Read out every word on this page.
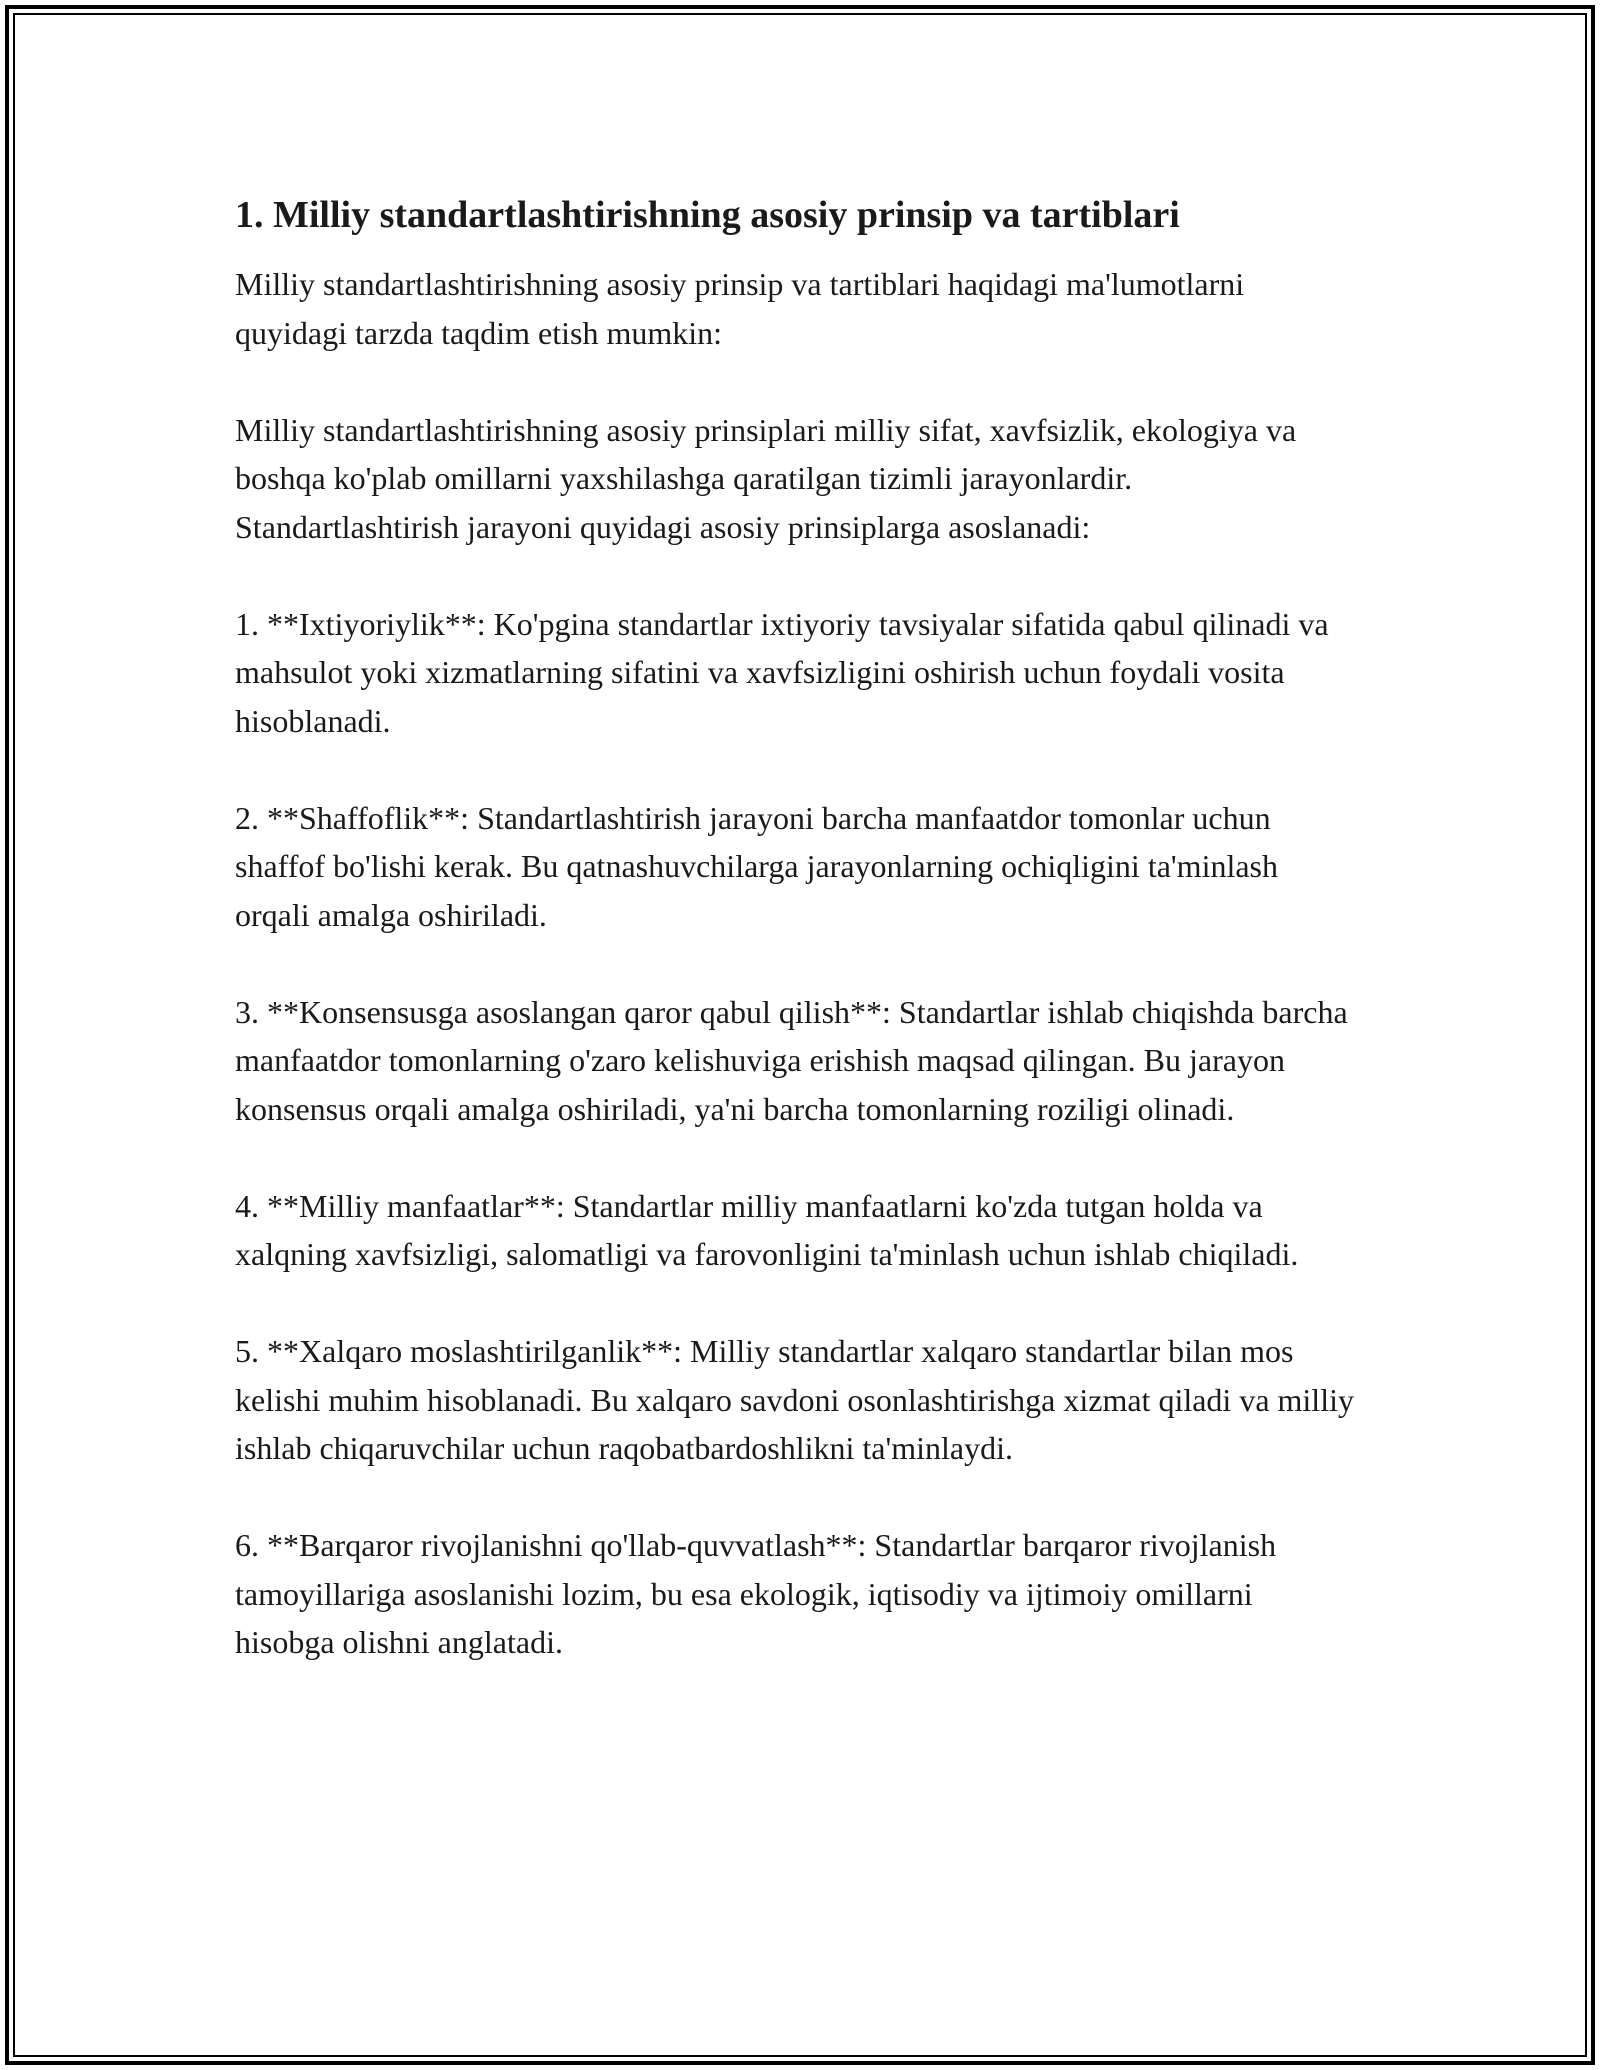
1. Milliy standartlashtirishning asosiy prinsip va tartiblari

Milliy standartlashtirishning asosiy prinsip va tartiblari haqidagi ma'lumotlarni quyidagi tarzda taqdim etish mumkin:

Milliy standartlashtirishning asosiy prinsiplari milliy sifat, xavfsizlik, ekologiya va boshqa ko'plab omillarni yaxshilashga qaratilgan tizimli jarayonlardir. Standartlashtirish jarayoni quyidagi asosiy prinsiplarga asoslanadi:

1. **Ixtiyoriylik**: Ko'pgina standartlar ixtiyoriy tavsiyalar sifatida qabul qilinadi va mahsulot yoki xizmatlarning sifatini va xavfsizligini oshirish uchun foydali vosita hisoblanadi.

2. **Shaffoflik**: Standartlashtirish jarayoni barcha manfaatdor tomonlar uchun shaffof bo'lishi kerak. Bu qatnashuvchilarga jarayonlarning ochiqligini ta'minlash orqali amalga oshiriladi.

3. **Konsensusga asoslangan qaror qabul qilish**: Standartlar ishlab chiqishda barcha manfaatdor tomonlarning o'zaro kelishuviga erishish maqsad qilingan. Bu jarayon konsensus orqali amalga oshiriladi, ya'ni barcha tomonlarning roziligi olinadi.

4. **Milliy manfaatlar**: Standartlar milliy manfaatlarni ko'zda tutgan holda va xalqning xavfsizligi, salomatligi va farovonligini ta'minlash uchun ishlab chiqiladi.

5. **Xalqaro moslashtirilganlik**: Milliy standartlar xalqaro standartlar bilan mos kelishi muhim hisoblanadi. Bu xalqaro savdoni osonlashtirishga xizmat qiladi va milliy ishlab chiqaruvchilar uchun raqobatbardoshlikni ta'minlaydi.

6. **Barqaror rivojlanishni qo'llab-quvvatlash**: Standartlar barqaror rivojlanish tamoyillariga asoslanishi lozim, bu esa ekologik, iqtisodiy va ijtimoiy omillarni hisobga olishni anglatadi.
